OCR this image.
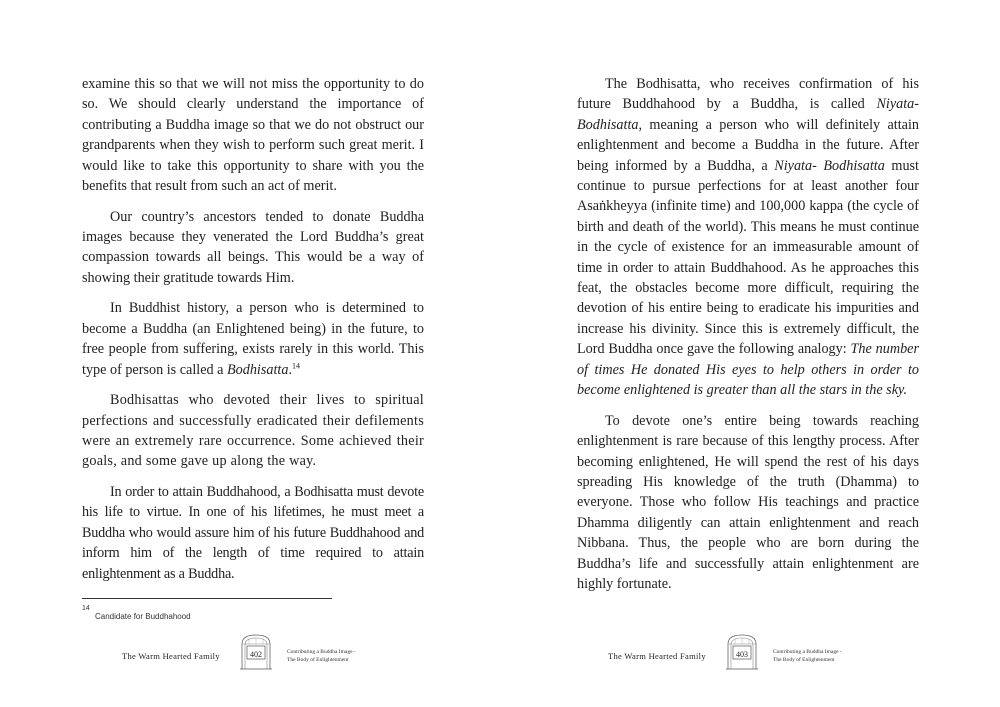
examine this so that we will not miss the opportunity to do so. We should clearly understand the importance of contributing a Buddha image so that we do not obstruct our grandparents when they wish to perform such great merit. I would like to take this opportunity to share with you the benefits that result from such an act of merit.

Our country’s ancestors tended to donate Buddha images because they venerated the Lord Buddha’s great compassion towards all beings. This would be a way of showing their gratitude towards Him.

In Buddhist history, a person who is determined to become a Buddha (an Enlightened being) in the future, to free people from suffering, exists rarely in this world. This type of person is called a Bodhisatta.$^{14}$

Bodhisattas who devoted their lives to spiritual perfections and successfully eradicated their defilements were an extremely rare occurrence. Some achieved their goals, and some gave up along the way.

In order to attain Buddhahood, a Bodhisatta must devote his life to virtue. In one of his lifetimes, he must meet a Buddha who would assure him of his future Buddhahood and inform him of the length of time required to attain enlightenment as a Buddha.

14
Candidate for Buddhahood
The Warm Hearted Family	402	Contributing a Buddha Image -
The Body of Enlightenment

The Bodhisatta, who receives confirmation of his future Buddhahood by a Buddha, is called Niyata-Bodhisatta, meaning a person who will definitely attain enlightenment and become a Buddha in the future. After being informed by a Buddha, a Niyata- Bodhisatta must continue to pursue perfections for at least another four Asaṅkheyya (infinite time) and 100,000 kappa (the cycle of birth and death of the world). This means he must continue in the cycle of existence for an immeasurable amount of time in order to attain Buddhahood. As he approaches this feat, the obstacles become more difficult, requiring the devotion of his entire being to eradicate his impurities and increase his divinity. Since this is extremely difficult, the Lord Buddha once gave the following analogy: The number of times He donated His eyes to help others in order to become enlightened is greater than all the stars in the sky.

To devote one’s entire being towards reaching enlightenment is rare because of this lengthy process. After becoming enlightened, He will spend the rest of his days spreading His knowledge of the truth (Dhamma) to everyone. Those who follow His teachings and practice Dhamma diligently can attain enlightenment and reach Nibbana. Thus, the people who are born during the Buddha’s life and successfully attain enlightenment are highly fortunate.

The Warm Hearted Family	403	Contributing a Buddha Image -
The Body of Enlightenment
